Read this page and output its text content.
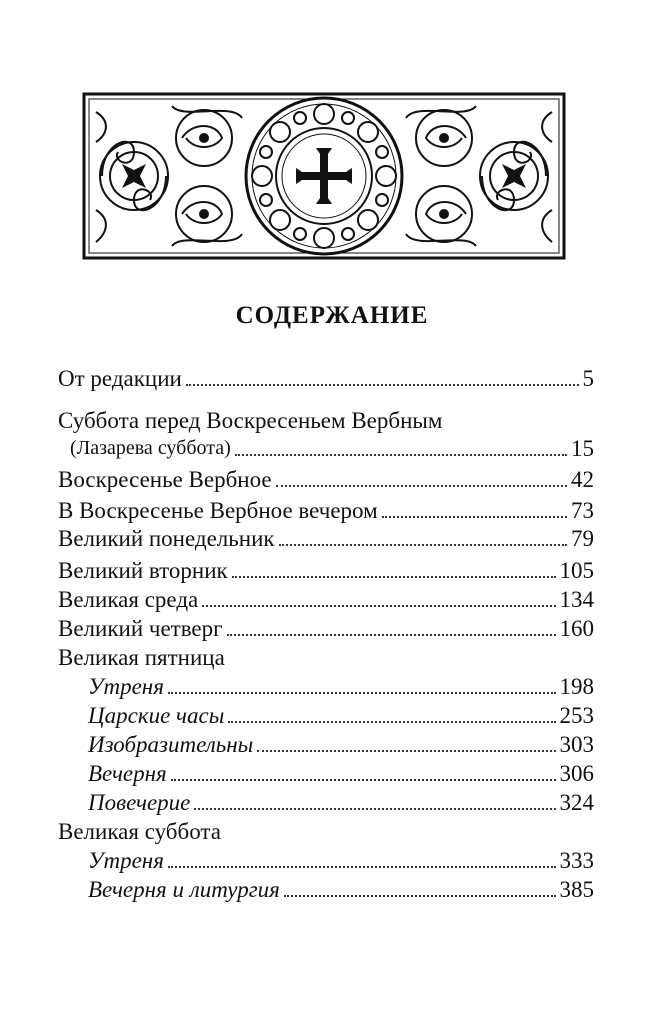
СОДЕРЖАНИЕ
От редакции	5
Суббота перед Воскресеньем Вербным
(Лазарева суббота)	15
Воскресенье Вербное	42
В Воскресенье Вербное вечером	73
Великий понедельник	79
Великий вторник	105
Великая среда	134
Великий четверг	160
Великая пятница
Утреня	198
Царские часы	253
Изобразительны	303
Вечерня	306
Повечерие	324
Великая суббота
Утреня	333
Вечерня и литургия	385
